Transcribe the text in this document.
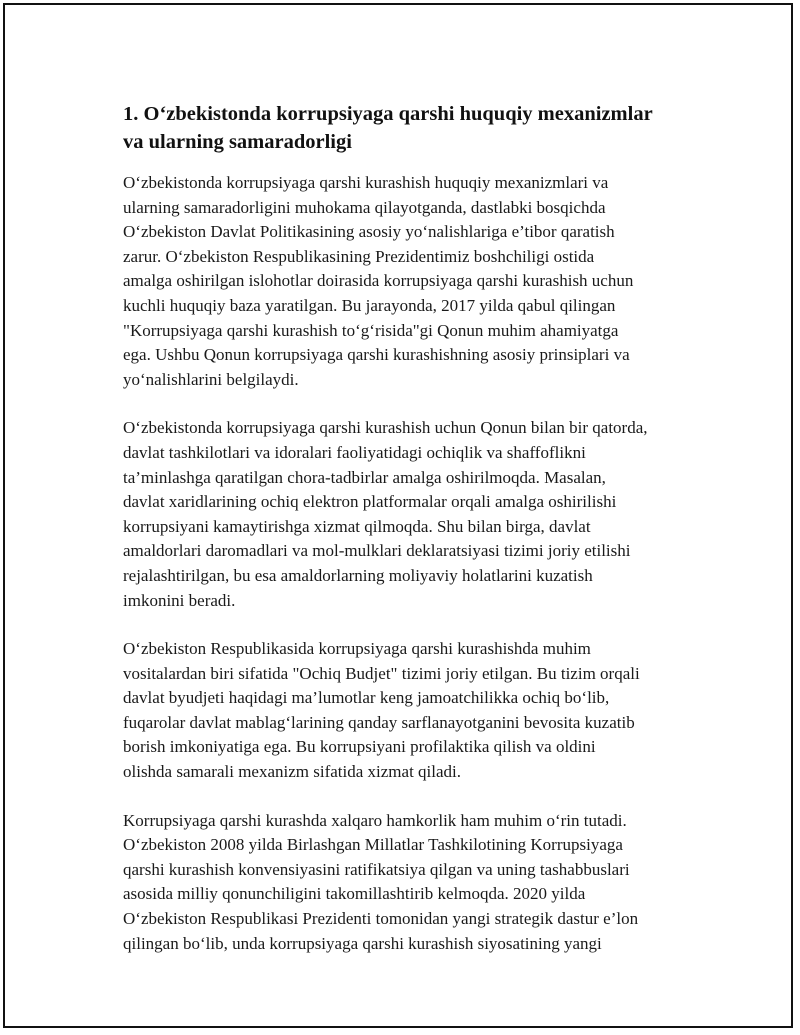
1. O‘zbekistonda korrupsiyaga qarshi huquqiy mexanizmlar
va ularning samaradorligi

O‘zbekistonda korrupsiyaga qarshi kurashish huquqiy mexanizmlari va
ularning samaradorligini muhokama qilayotganda, dastlabki bosqichda
O‘zbekiston Davlat Politikasining asosiy yo‘nalishlariga e’tibor qaratish
zarur. O‘zbekiston Respublikasining Prezidentimiz boshchiligi ostida
amalga oshirilgan islohotlar doirasida korrupsiyaga qarshi kurashish uchun
kuchli huquqiy baza yaratilgan. Bu jarayonda, 2017 yilda qabul qilingan
"Korrupsiyaga qarshi kurashish to‘g‘risida"gi Qonun muhim ahamiyatga
ega. Ushbu Qonun korrupsiyaga qarshi kurashishning asosiy prinsiplari va
yo‘nalishlarini belgilaydi.

O‘zbekistonda korrupsiyaga qarshi kurashish uchun Qonun bilan bir qatorda,
davlat tashkilotlari va idoralari faoliyatidagi ochiqlik va shaffoflikni
ta’minlashga qaratilgan chora-tadbirlar amalga oshirilmoqda. Masalan,
davlat xaridlarining ochiq elektron platformalar orqali amalga oshirilishi
korrupsiyani kamaytirishga xizmat qilmoqda. Shu bilan birga, davlat
amaldorlari daromadlari va mol-mulklari deklaratsiyasi tizimi joriy etilishi
rejalashtirilgan, bu esa amaldorlarning moliyaviy holatlarini kuzatish
imkonini beradi.

O‘zbekiston Respublikasida korrupsiyaga qarshi kurashishda muhim
vositalardan biri sifatida "Ochiq Budjet" tizimi joriy etilgan. Bu tizim orqali
davlat byudjeti haqidagi ma’lumotlar keng jamoatchilikka ochiq bo‘lib,
fuqarolar davlat mablag‘larining qanday sarflanayotganini bevosita kuzatib
borish imkoniyatiga ega. Bu korrupsiyani profilaktika qilish va oldini
olishda samarali mexanizm sifatida xizmat qiladi.

Korrupsiyaga qarshi kurashda xalqaro hamkorlik ham muhim o‘rin tutadi.
O‘zbekiston 2008 yilda Birlashgan Millatlar Tashkilotining Korrupsiyaga
qarshi kurashish konvensiyasini ratifikatsiya qilgan va uning tashabbuslari
asosida milliy qonunchiligini takomillashtirib kelmoqda. 2020 yilda
O‘zbekiston Respublikasi Prezidenti tomonidan yangi strategik dastur e’lon
qilingan bo‘lib, unda korrupsiyaga qarshi kurashish siyosatining yangi
